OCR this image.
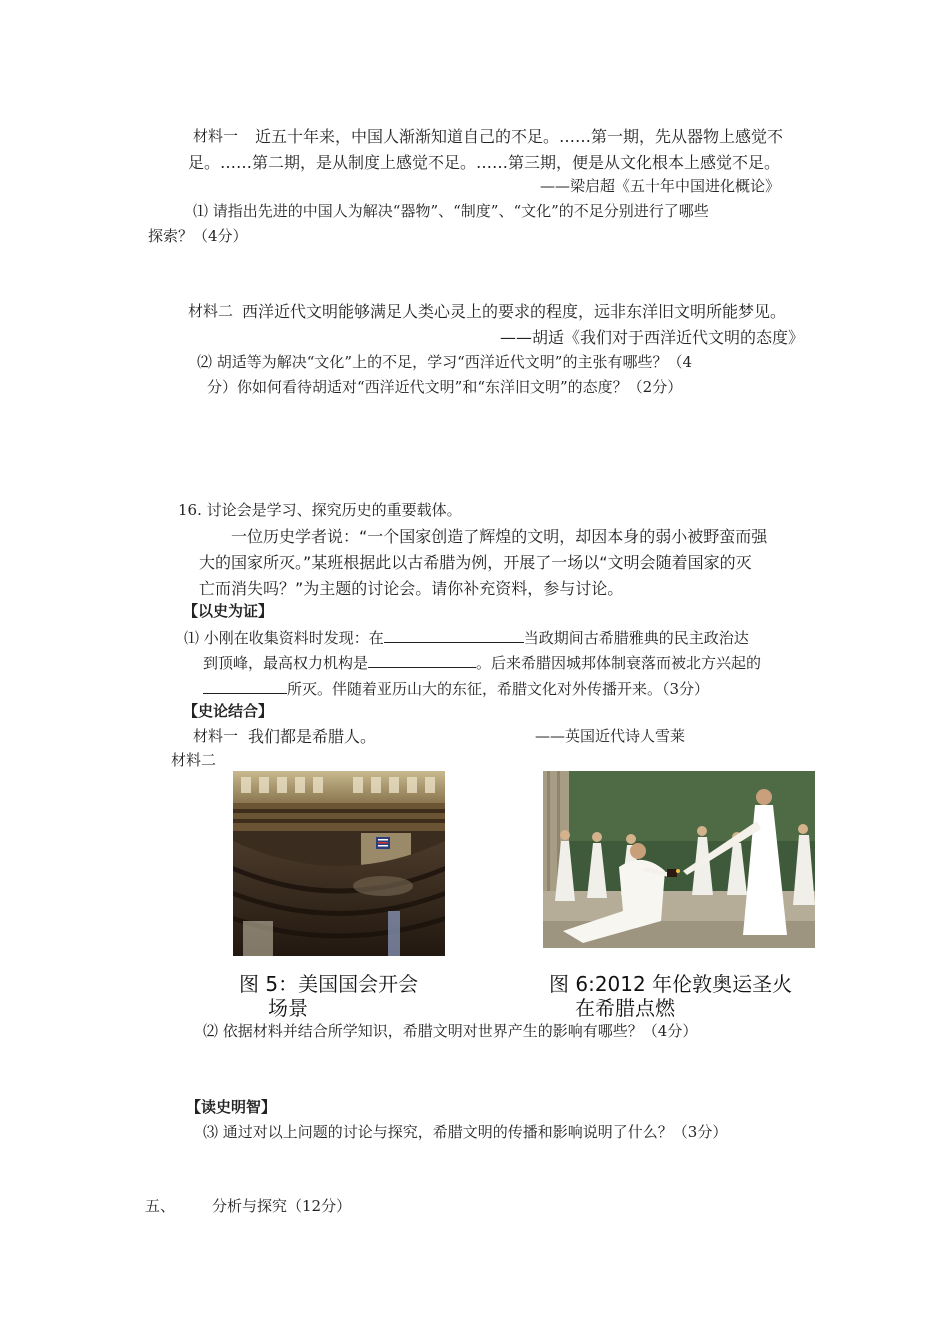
材料一 近五十年来，中国人渐渐知道自己的不足。……第一期，先从器物上感觉不
足。……第二期，是从制度上感觉不足。……第三期，便是从文化根本上感觉不足。
——梁启超《五十年中国进化概论》
⑴ 请指出先进的中国人为解决“器物”、“制度”、“文化”的不足分别进行了哪些
探索？（4分）
材料二 西洋近代文明能够满足人类心灵上的要求的程度，远非东洋旧文明所能梦见。
——胡适《我们对于西洋近代文明的态度》
⑵ 胡适等为解决“文化”上的不足，学习“西洋近代文明”的主张有哪些？（4
分）你如何看待胡适对“西洋近代文明”和“东洋旧文明”的态度？（2分）
16. 讨论会是学习、探究历史的重要载体。
一位历史学者说：“一个国家创造了辉煌的文明，却因本身的弱小被野蛮而强
大的国家所灭。”某班根据此以古希腊为例，开展了一场以“文明会随着国家的灭
亡而消失吗？”为主题的讨论会。请你补充资料，参与讨论。
【以史为证】
⑴ 小刚在收集资料时发现：在	当政期间古希腊雅典的民主政治达
到顶峰，最高权力机构是	。后来希腊因城邦体制衰落而被北方兴起的
所灭。伴随着亚历山大的东征，希腊文化对外传播开来。（3分）
【史论结合】
材料一 我们都是希腊人。	——英国近代诗人雪莱
材料二
图 5：美国国会开会
场景
图 6:2012 年伦敦奥运圣火
在希腊点燃
⑵ 依据材料并结合所学知识，希腊文明对世界产生的影响有哪些？（4分）
【读史明智】
⑶ 通过对以上问题的讨论与探究，希腊文明的传播和影响说明了什么？（3分）
五、 分析与探究（12分）
